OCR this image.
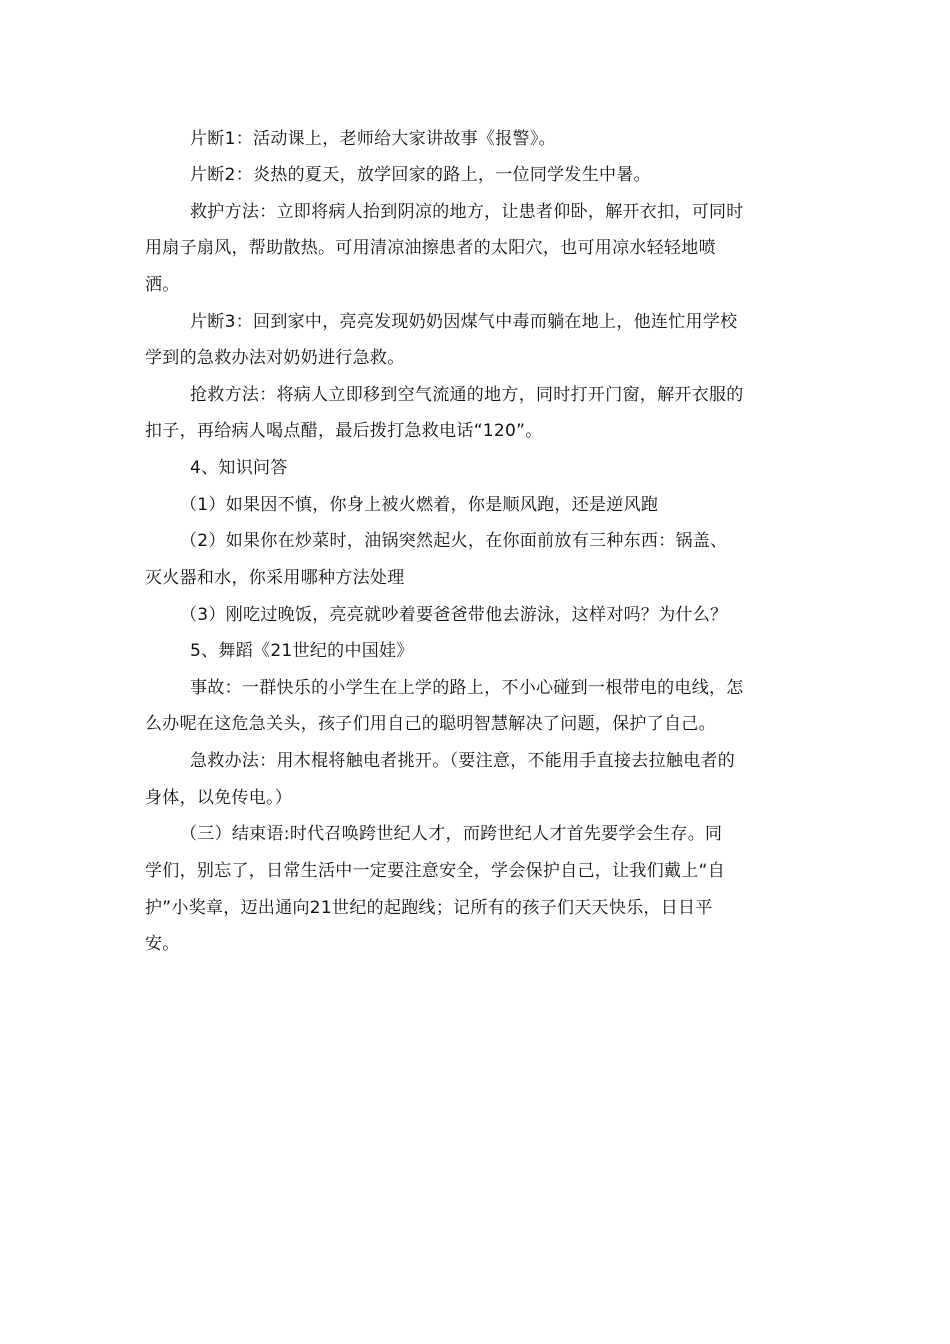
片断1：活动课上，老师给大家讲故事《报警》。
片断2：炎热的夏天，放学回家的路上，一位同学发生中暑。
救护方法：立即将病人抬到阴凉的地方，让患者仰卧，解开衣扣，可同时
用扇子扇风，帮助散热。可用清凉油擦患者的太阳穴，也可用凉水轻轻地喷
洒。
片断3：回到家中，亮亮发现奶奶因煤气中毒而躺在地上，他连忙用学校
学到的急救办法对奶奶进行急救。
抢救方法：将病人立即移到空气流通的地方，同时打开门窗，解开衣服的
扣子，再给病人喝点醋，最后拨打急救电话“120”。
4、知识问答
（1）如果因不慎，你身上被火燃着，你是顺风跑，还是逆风跑
（2）如果你在炒菜时，油锅突然起火，在你面前放有三种东西：锅盖、
灭火器和水，你采用哪种方法处理
（3）刚吃过晚饭，亮亮就吵着要爸爸带他去游泳，这样对吗？为什么？
5、舞蹈《21世纪的中国娃》
事故：一群快乐的小学生在上学的路上，不小心碰到一根带电的电线，怎
么办呢在这危急关头，孩子们用自己的聪明智慧解决了问题，保护了自己。
急救办法：用木棍将触电者挑开。（要注意，不能用手直接去拉触电者的
身体，以免传电。）
（三）结束语:时代召唤跨世纪人才，而跨世纪人才首先要学会生存。同
学们，别忘了，日常生活中一定要注意安全，学会保护自己，让我们戴上“自
护”小奖章，迈出通向21世纪的起跑线；记所有的孩子们天天快乐，日日平
安。
